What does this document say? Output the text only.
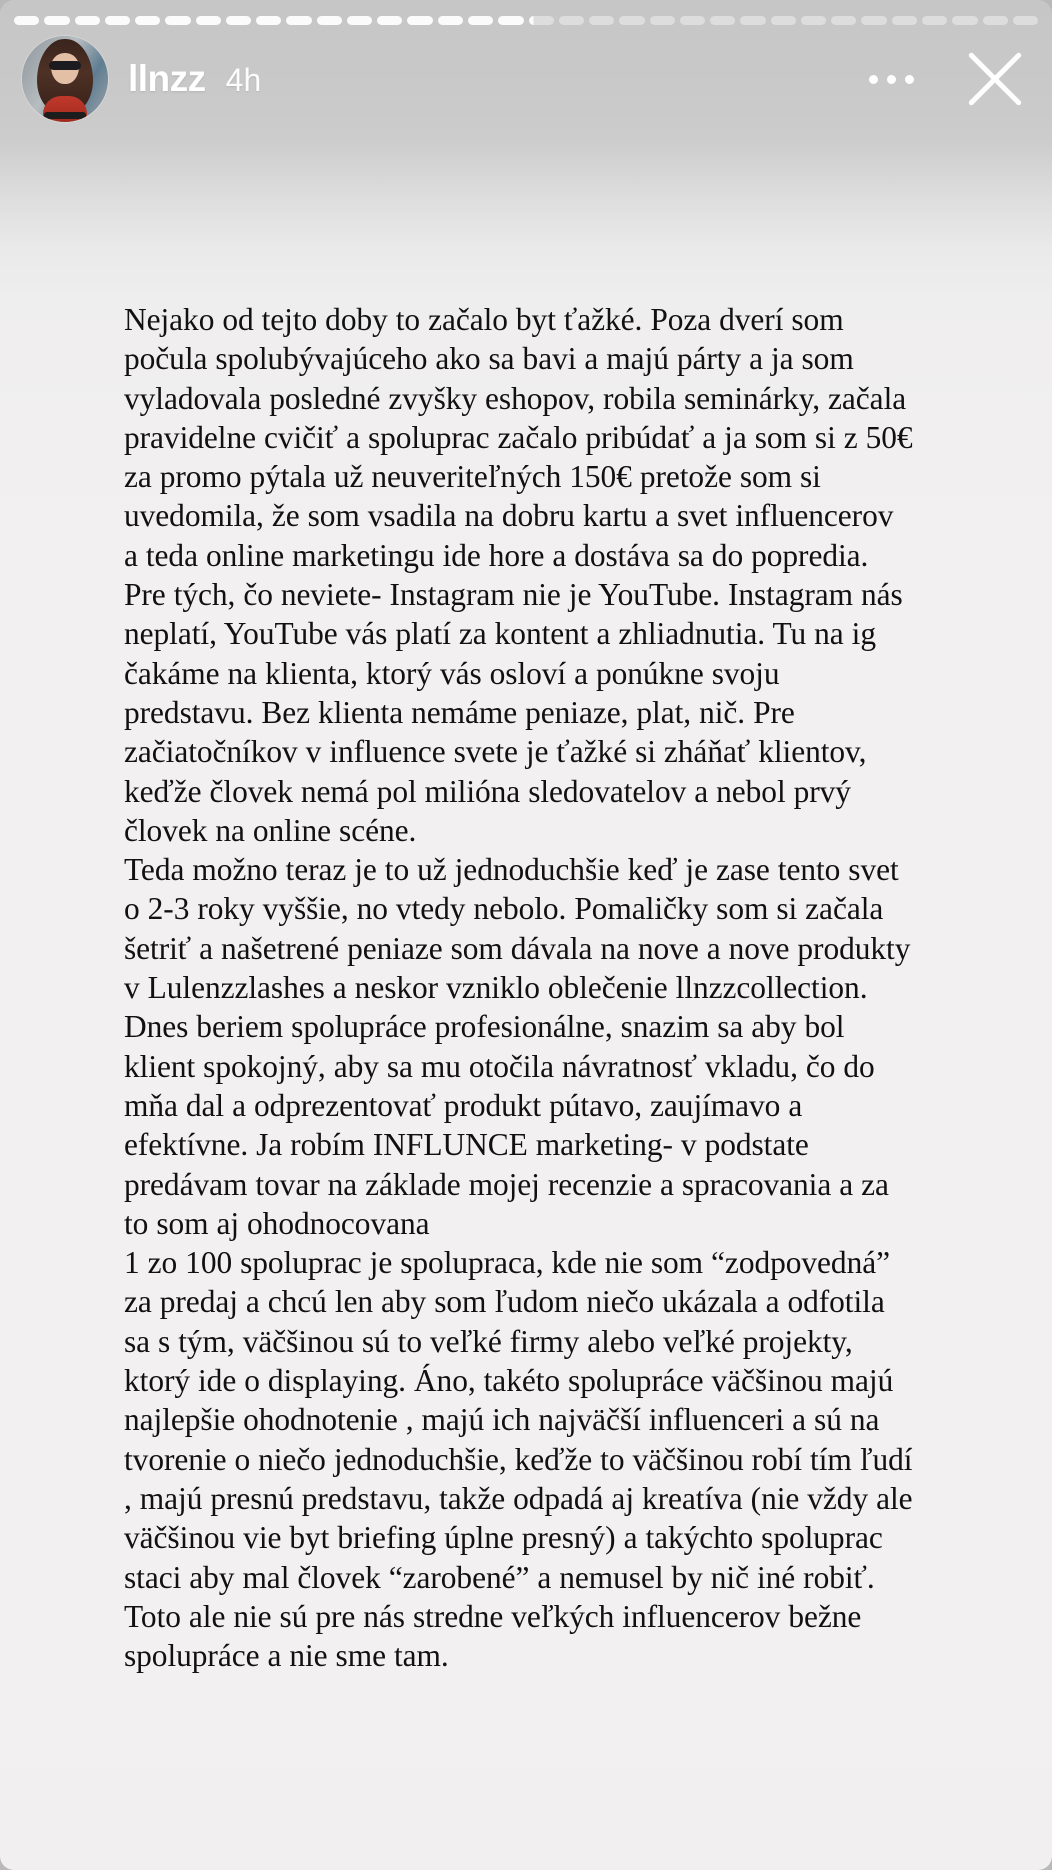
llnzz 4h
Nejako od tejto doby to začalo byt ťažké. Poza dverí som počula spolubývajúceho ako sa bavi a majú párty a ja som vyladovala posledné zvyšky eshopov, robila seminárky, začala pravidelne cvičiť a spoluprac začalo pribúdať a ja som si z 50€ za promo pýtala už neuveriteľných 150€ pretože som si uvedomila, že som vsadila na dobru kartu a svet influencerov a teda online marketingu ide hore a dostáva sa do popredia. Pre tých, čo neviete- Instagram nie je YouTube. Instagram nás neplatí, YouTube vás platí za kontent a zhliadnutia. Tu na ig čakáme na klienta, ktorý vás osloví a ponúkne svoju predstavu. Bez klienta nemáme peniaze, plat, nič. Pre začiatočníkov v influence svete je ťažké si zháňať klientov, keďže človek nemá pol milióna sledovatelov a nebol prvý človek na online scéne.
Teda možno teraz je to už jednoduchšie keď je zase tento svet o 2-3 roky vyššie, no vtedy nebolo. Pomaličky som si začala šetriť a našetrené peniaze som dávala na nove a nove produkty v Lulenzzlashes a neskor vzniklo oblečenie llnzzcollection.
Dnes beriem spoluprácе profesionálne, snazim sa aby bol klient spokojný, aby sa mu otočila návratnosť vkladu, čo do mňa dal a odprezentovať produkt pútavo, zaujímavo a efektívne. Ja robím INFLUNCE marketing- v podstate predávam tovar na základe mojej recenzie a spracovania a za to som aj ohodnocovana
1 zo 100 spoluprac je spolupraca, kde nie som “zodpovedná” za predaj a chcú len aby som ľudom niečo ukázala a odfotila sa s tým, väčšinou sú to veľké firmy alebo veľké projekty, ktorý ide o displaying. Áno, takéto spolupráce väčšinou majú najlepšie ohodnotenie , majú ich najväčší influenceri a sú na tvorenie o niečo jednoduchšie, keďže to väčšinou robí tím ľudí , majú presnú predstavu, takže odpadá aj kreatíva (nie vždy ale väčšinou vie byt briefing úplne presný) a takýchto spoluprac staci aby mal človek “zarobené” a nemusel by nič iné robiť. Toto ale nie sú pre nás stredne veľkých influencerov bežne spolupráce a nie sme tam.
